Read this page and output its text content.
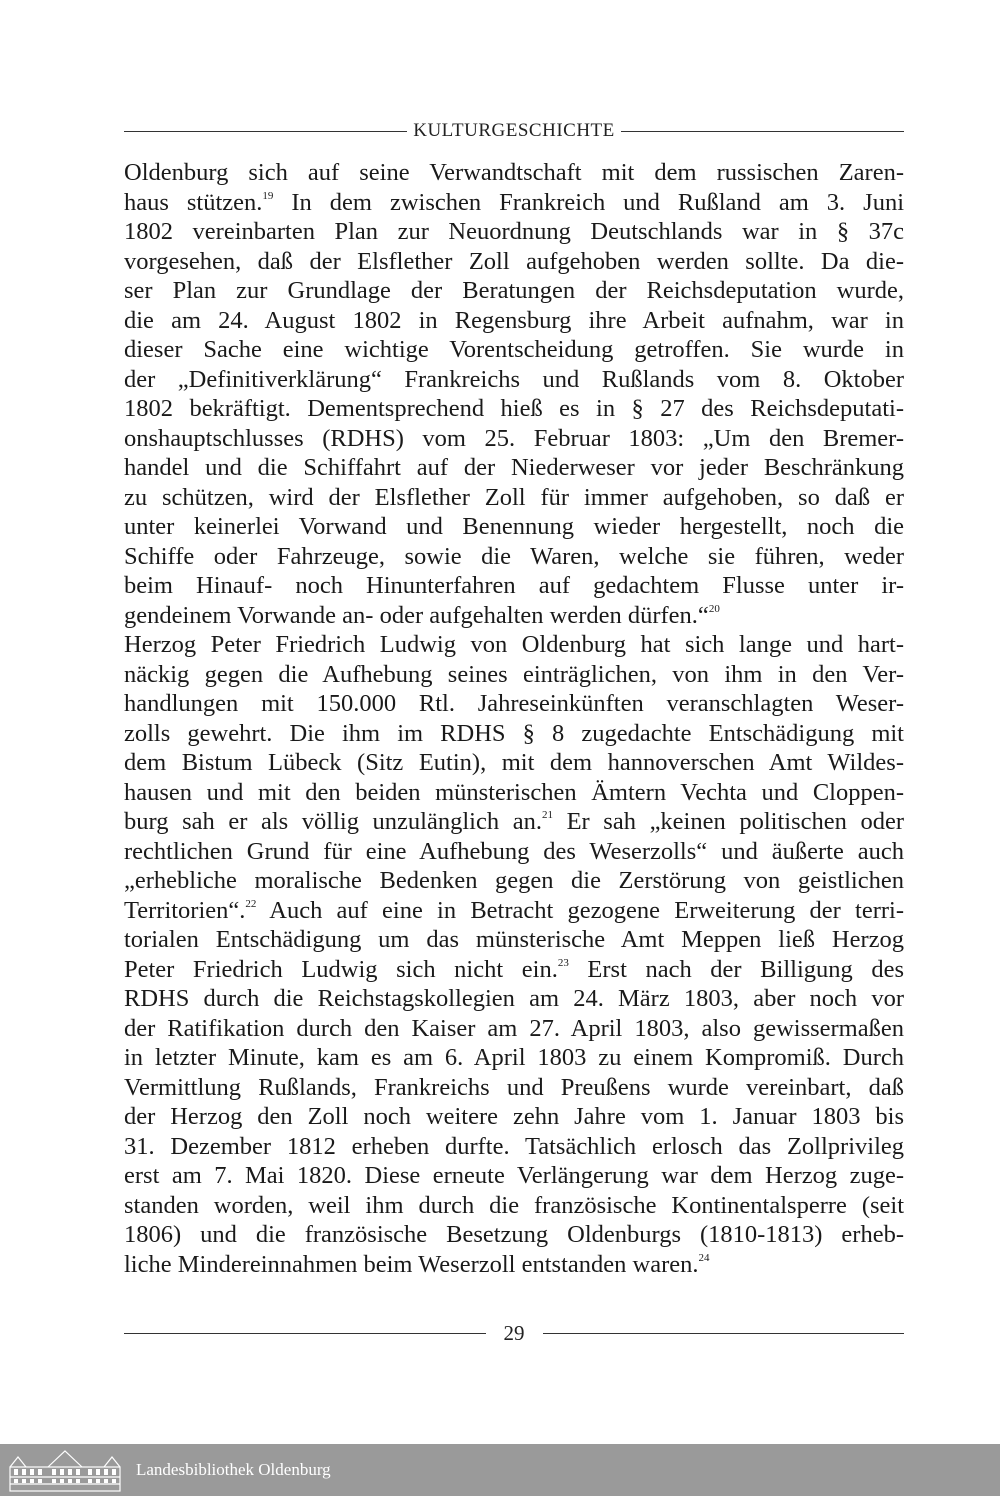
KULTURGESCHICHTE
Oldenburg sich auf seine Verwandtschaft mit dem russischen Zaren-
haus stützen.$^{19}$ In dem zwischen Frankreich und Rußland am 3. Juni
1802 vereinbarten Plan zur Neuordnung Deutschlands war in § 37c
vorgesehen, daß der Elsflether Zoll aufgehoben werden sollte. Da die-
ser Plan zur Grundlage der Beratungen der Reichsdeputation wurde,
die am 24. August 1802 in Regensburg ihre Arbeit aufnahm, war in
dieser Sache eine wichtige Vorentscheidung getroffen. Sie wurde in
der „Definitiverklärung“ Frankreichs und Rußlands vom 8. Oktober
1802 bekräftigt. Dementsprechend hieß es in § 27 des Reichsdeputati-
onshauptschlusses (RDHS) vom 25. Februar 1803: „Um den Bremer-
handel und die Schiffahrt auf der Niederweser vor jeder Beschränkung
zu schützen, wird der Elsflether Zoll für immer aufgehoben, so daß er
unter keinerlei Vorwand und Benennung wieder hergestellt, noch die
Schiffe oder Fahrzeuge, sowie die Waren, welche sie führen, weder
beim Hinauf- noch Hinunterfahren auf gedachtem Flusse unter ir-
gendeinem Vorwande an- oder aufgehalten werden dürfen.“$^{20}$
Herzog Peter Friedrich Ludwig von Oldenburg hat sich lange und hart-
näckig gegen die Aufhebung seines einträglichen, von ihm in den Ver-
handlungen mit 150.000 Rtl. Jahreseinkünften veranschlagten Weser-
zolls gewehrt. Die ihm im RDHS § 8 zugedachte Entschädigung mit
dem Bistum Lübeck (Sitz Eutin), mit dem hannoverschen Amt Wildes-
hausen und mit den beiden münsterischen Ämtern Vechta und Cloppen-
burg sah er als völlig unzulänglich an.$^{21}$ Er sah „keinen politischen oder
rechtlichen Grund für eine Aufhebung des Weserzolls“ und äußerte auch
„erhebliche moralische Bedenken gegen die Zerstörung von geistlichen
Territorien“.$^{22}$ Auch auf eine in Betracht gezogene Erweiterung der terri-
torialen Entschädigung um das münsterische Amt Meppen ließ Herzog
Peter Friedrich Ludwig sich nicht ein.$^{23}$ Erst nach der Billigung des
RDHS durch die Reichstagskollegien am 24. März 1803, aber noch vor
der Ratifikation durch den Kaiser am 27. April 1803, also gewissermaßen
in letzter Minute, kam es am 6. April 1803 zu einem Kompromiß. Durch
Vermittlung Rußlands, Frankreichs und Preußens wurde vereinbart, daß
der Herzog den Zoll noch weitere zehn Jahre vom 1. Januar 1803 bis
31. Dezember 1812 erheben durfte. Tatsächlich erlosch das Zollprivileg
erst am 7. Mai 1820. Diese erneute Verlängerung war dem Herzog zuge-
standen worden, weil ihm durch die französische Kontinentalsperre (seit
1806) und die französische Besetzung Oldenburgs (1810-1813) erheb-
liche Mindereinnahmen beim Weserzoll entstanden waren.$^{24}$
29
Landesbibliothek Oldenburg
